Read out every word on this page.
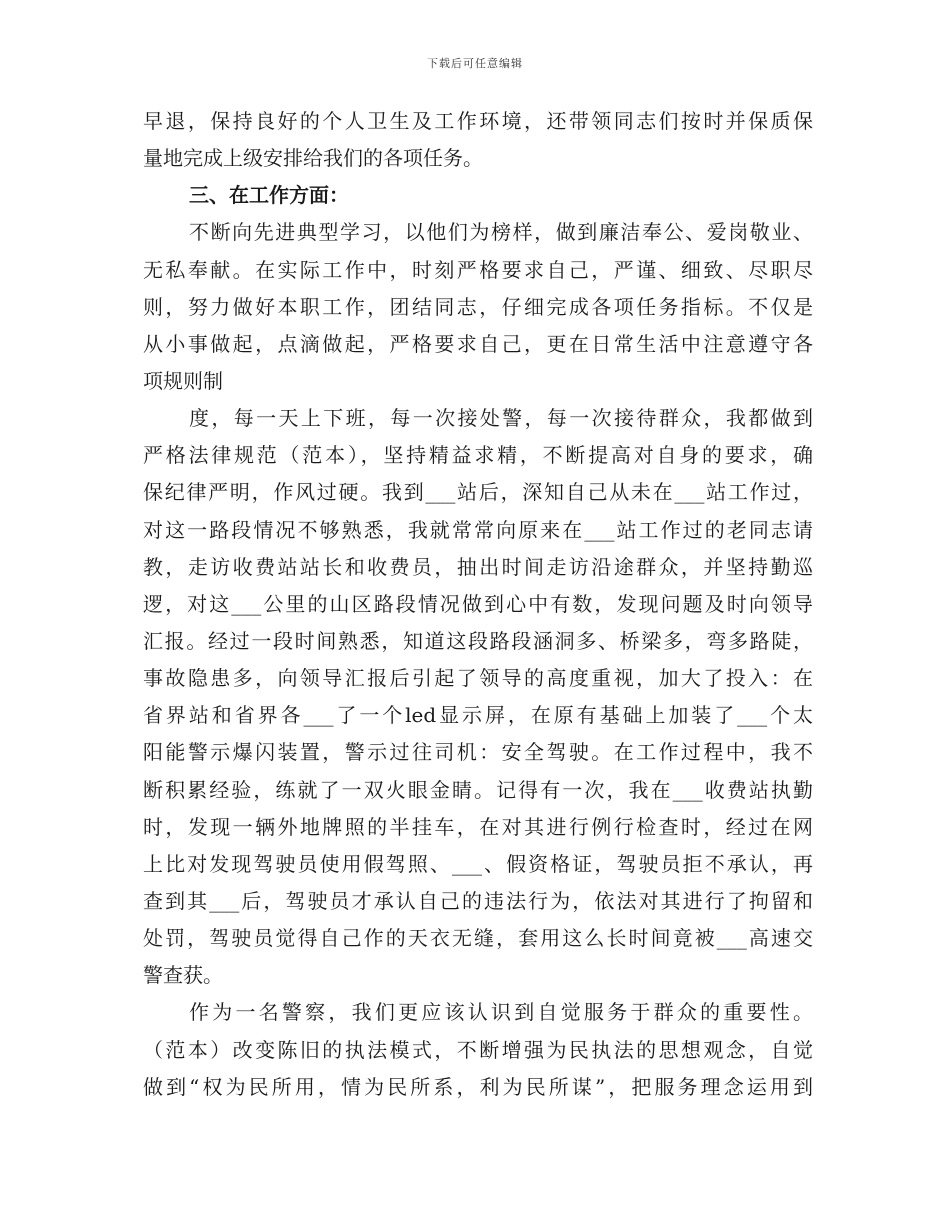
下载后可任意编辑
早退，保持良好的个人卫生及工作环境，还带领同志们按时并保质保
量地完成上级安排给我们的各项任务。
三、在工作方面：
不断向先进典型学习，以他们为榜样，做到廉洁奉公、爱岗敬业、
无私奉献。在实际工作中，时刻严格要求自己，严谨、细致、尽职尽
则，努力做好本职工作，团结同志，仔细完成各项任务指标。不仅是
从小事做起，点滴做起，严格要求自己，更在日常生活中注意遵守各
项规则制
度，每一天上下班，每一次接处警，每一次接待群众，我都做到
严格法律规范（范本），坚持精益求精，不断提高对自身的要求，确
保纪律严明，作风过硬。我到___站后，深知自己从未在___站工作过，
对这一路段情况不够熟悉，我就常常向原来在___站工作过的老同志请
教，走访收费站站长和收费员，抽出时间走访沿途群众，并坚持勤巡
逻，对这___公里的山区路段情况做到心中有数，发现问题及时向领导
汇报。经过一段时间熟悉，知道这段路段涵洞多、桥梁多，弯多路陡，
事故隐患多，向领导汇报后引起了领导的高度重视，加大了投入：在
省界站和省界各___了一个led显示屏，在原有基础上加装了___个太
阳能警示爆闪装置，警示过往司机：安全驾驶。在工作过程中，我不
断积累经验，练就了一双火眼金睛。记得有一次，我在___收费站执勤
时，发现一辆外地牌照的半挂车，在对其进行例行检查时，经过在网
上比对发现驾驶员使用假驾照、___、假资格证，驾驶员拒不承认，再
查到其___后，驾驶员才承认自己的违法行为，依法对其进行了拘留和
处罚，驾驶员觉得自己作的天衣无缝，套用这么长时间竟被___高速交
警查获。
作为一名警察，我们更应该认识到自觉服务于群众的重要性。
（范本）改变陈旧的执法模式，不断增强为民执法的思想观念，自觉
做到“权为民所用，情为民所系，利为民所谋”，把服务理念运用到
